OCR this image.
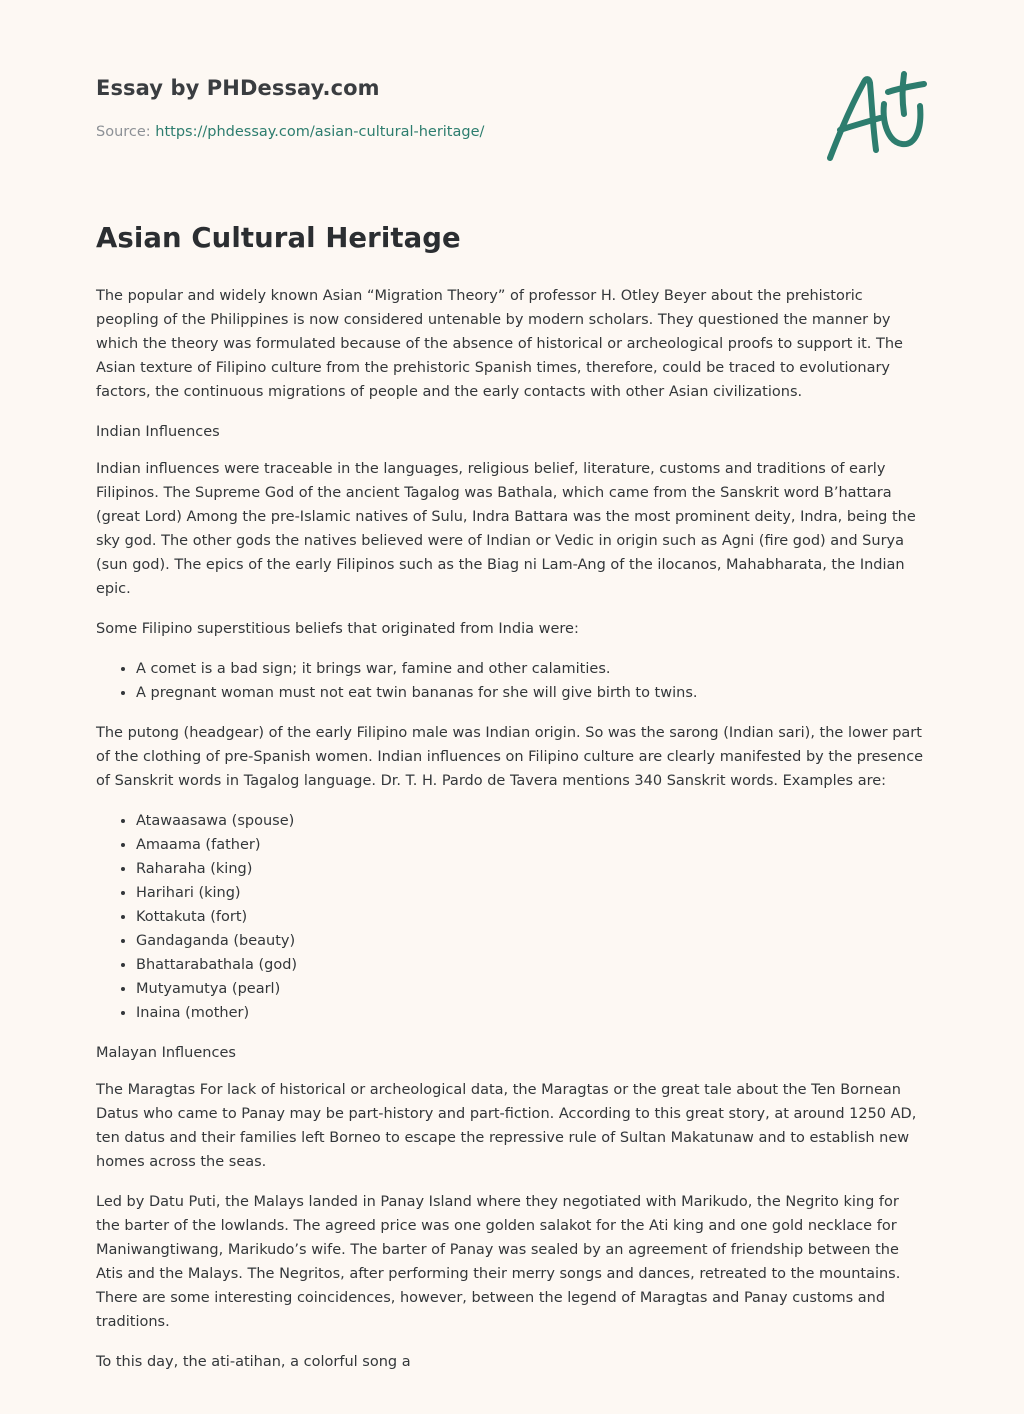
Essay by PHDessay.com
Source: https://phdessay.com/asian-cultural-heritage/
Asian Cultural Heritage

The popular and widely known Asian “Migration Theory” of professor H. Otley Beyer about the prehistoric peopling of the Philippines is now considered untenable by modern scholars. They questioned the manner by which the theory was formulated because of the absence of historical or archeological proofs to support it. The Asian texture of Filipino culture from the prehistoric Spanish times, therefore, could be traced to evolutionary factors, the continuous migrations of people and the early contacts with other Asian civilizations.

Indian Influences

Indian influences were traceable in the languages, religious belief, literature, customs and traditions of early Filipinos. The Supreme God of the ancient Tagalog was Bathala, which came from the Sanskrit word B’hattara (great Lord) Among the pre-Islamic natives of Sulu, Indra Battara was the most prominent deity, Indra, being the sky god. The other gods the natives believed were of Indian or Vedic in origin such as Agni (fire god) and Surya (sun god). The epics of the early Filipinos such as the Biag ni Lam-Ang of the ilocanos, Mahabharata, the Indian epic.

Some Filipino superstitious beliefs that originated from India were:

• A comet is a bad sign; it brings war, famine and other calamities.
• A pregnant woman must not eat twin bananas for she will give birth to twins.

The putong (headgear) of the early Filipino male was Indian origin. So was the sarong (Indian sari), the lower part of the clothing of pre-Spanish women. Indian influences on Filipino culture are clearly manifested by the presence of Sanskrit words in Tagalog language. Dr. T. H. Pardo de Tavera mentions 340 Sanskrit words. Examples are:

• Atawaasawa (spouse)
• Amaama (father)
• Raharaha (king)
• Harihari (king)
• Kottakuta (fort)
• Gandaganda (beauty)
• Bhattarabathala (god)
• Mutyamutya (pearl)
• Inaina (mother)

Malayan Influences

The Maragtas For lack of historical or archeological data, the Maragtas or the great tale about the Ten Bornean Datus who came to Panay may be part-history and part-fiction. According to this great story, at around 1250 AD, ten datus and their families left Borneo to escape the repressive rule of Sultan Makatunaw and to establish new homes across the seas.

Led by Datu Puti, the Malays landed in Panay Island where they negotiated with Marikudo, the Negrito king for the barter of the lowlands. The agreed price was one golden salakot for the Ati king and one gold necklace for Maniwangtiwang, Marikudo’s wife. The barter of Panay was sealed by an agreement of friendship between the Atis and the Malays. The Negritos, after performing their merry songs and dances, retreated to the mountains. There are some interesting coincidences, however, between the legend of Maragtas and Panay customs and traditions.

To this day, the ati-atihan, a colorful song a
